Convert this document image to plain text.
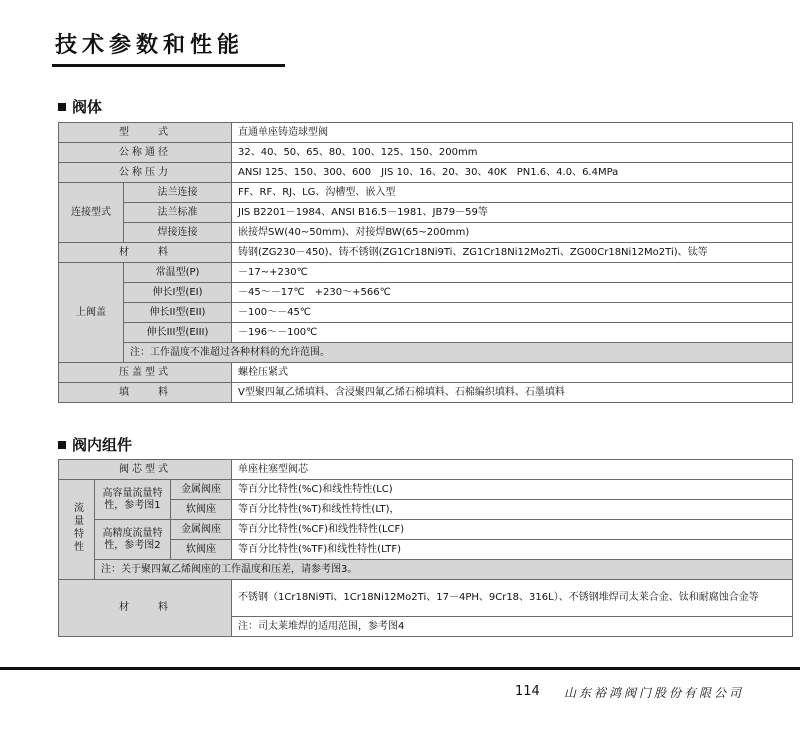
技术参数和性能
阀体
型　　式		直通单座铸造球型阀
公称通径		32、40、50、65、80、100、125、150、200mm
公称压力		ANSI 125、150、300、600　JIS 10、16、20、30、40K　PN1.6、4.0、6.4MPa
连接型式	法兰连接	FF、RF、RJ、LG、沟槽型、嵌入型
	法兰标准	JIS B2201－1984、ANSI B16.5－1981、JB79－59等
	焊接连接	嵌接焊SW(40~50mm)、对接焊BW(65~200mm)
材　　料		铸钢(ZG230－450)、铸不锈钢(ZG1Cr18Ni9Ti、ZG1Cr18Ni12Mo2Ti、ZG00Cr18Ni12Mo2Ti)、钛等
上阀盖	常温型(P)	－17~+230℃
	伸长I型(EI)	－45～－17℃　+230～+566℃
	伸长II型(EII)	－100～－45℃
	伸长III型(EIII)	－196～－100℃
	注：工作温度不准超过各种材料的允许范围。	
压盖型式		螺栓压紧式
填　　料		V型聚四氟乙烯填料、含浸聚四氟乙烯石棉填料、石棉编织填料、石墨填料
阀内组件
阀芯型式			单座柱塞型阀芯
流量特性	高容量流量特性，参考图1	金属阀座	等百分比特性(%C)和线性特性(LC)
		软阀座	等百分比特性(%T)和线性特性(LT)，
	高精度流量特性，参考图2	金属阀座	等百分比特性(%CF)和线性特性(LCF)
		软阀座	等百分比特性(%TF)和线性特性(LTF)
	注：关于聚四氟乙烯阀座的工作温度和压差，请参考图3。		
材　　料			不锈钢（1Cr18Ni9Ti、1Cr18Ni12Mo2Ti、17－4PH、9Cr18、316L）、不锈钢堆焊司太莱合金、钛和耐腐蚀合金等
			注：司太莱堆焊的适用范围，参考图4
114 山东裕鸿阀门股份有限公司
